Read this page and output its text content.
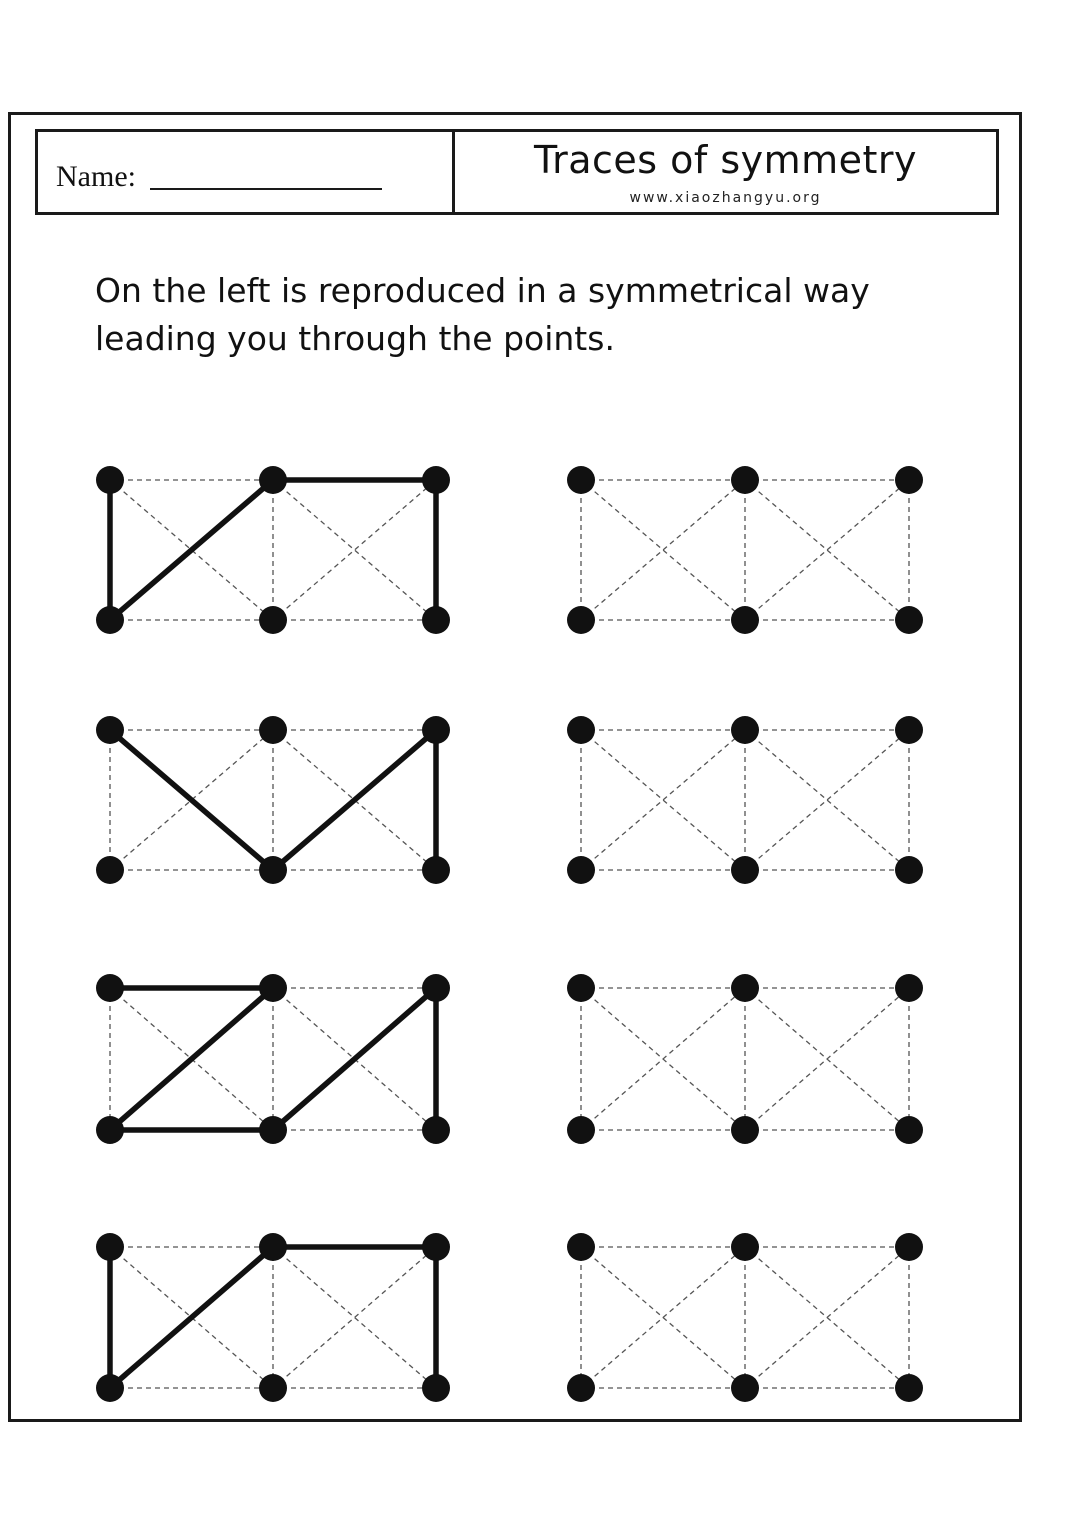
Name:	Traces of symmetry
www.xiaozhangyu.org

On the left is reproduced in a symmetrical way
leading you through the points.
